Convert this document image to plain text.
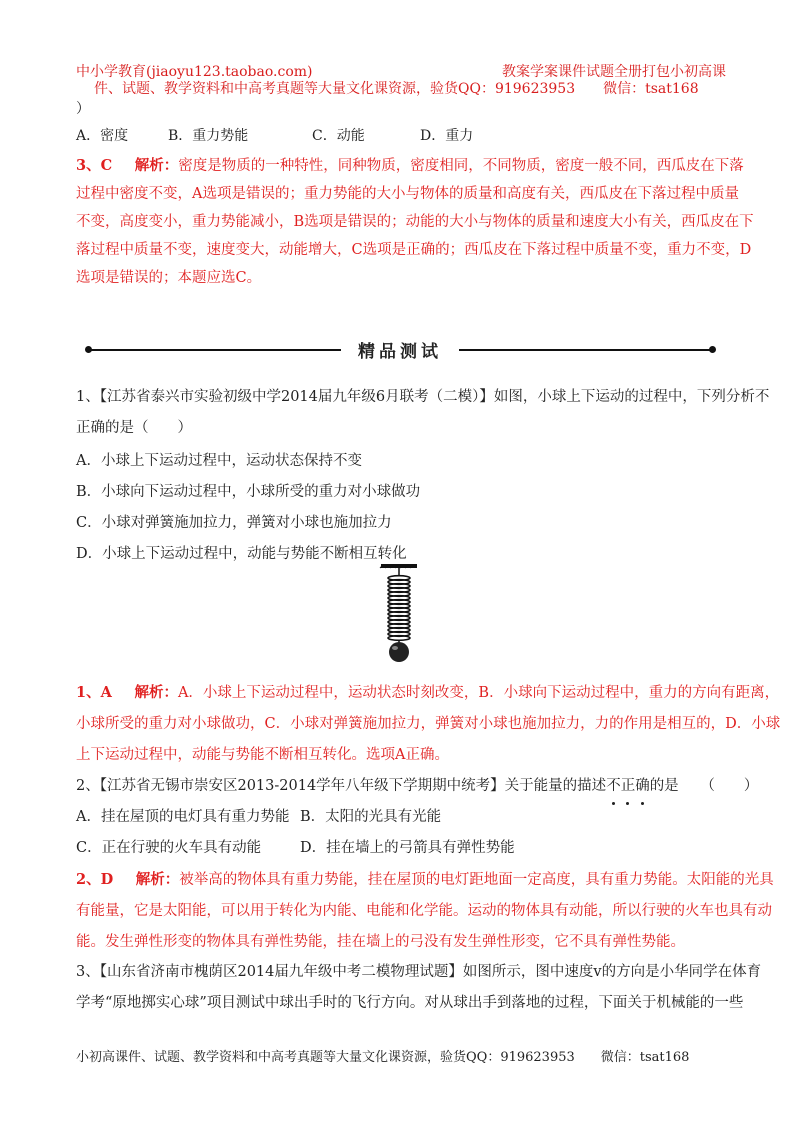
中小学教育(jiaoyu123.taobao.com)	教案学案课件试题全册打包小初高课
件、试题、教学资料和中高考真题等大量文化课资源，验货QQ：919623953　　微信：tsat168
）
A．密度	B．重力势能	C．动能	D．重力
3、C 解析：密度是物质的一种特性，同种物质，密度相同，不同物质，密度一般不同，西瓜皮在下落
过程中密度不变，A选项是错误的；重力势能的大小与物体的质量和高度有关，西瓜皮在下落过程中质量
不变，高度变小，重力势能减小，B选项是错误的；动能的大小与物体的质量和速度大小有关，西瓜皮在下
落过程中质量不变，速度变大，动能增大，C选项是正确的；西瓜皮在下落过程中质量不变，重力不变，D
选项是错误的；本题应选C。
精品测试
1、【江苏省泰兴市实验初级中学2014届九年级6月联考（二模）】如图，小球上下运动的过程中，下列分析不
正确的是（　　）
A．小球上下运动过程中，运动状态保持不变
B．小球向下运动过程中，小球所受的重力对小球做功
C．小球对弹簧施加拉力，弹簧对小球也施加拉力
D．小球上下运动过程中，动能与势能不断相互转化
1、A 解析：A．小球上下运动过程中，运动状态时刻改变，B．小球向下运动过程中，重力的方向有距离，
小球所受的重力对小球做功，C．小球对弹簧施加拉力，弹簧对小球也施加拉力，力的作用是相互的，D．小球
上下运动过程中，动能与势能不断相互转化。选项A正确。
2、【江苏省无锡市崇安区2013-2014学年八年级下学期期中统考】关于能量的描述不正确的是　　（　　）
A．挂在屋顶的电灯具有重力势能 B．太阳的光具有光能
C．正在行驶的火车具有动能	D．挂在墙上的弓箭具有弹性势能
2、D 解析：被举高的物体具有重力势能，挂在屋顶的电灯距地面一定高度，具有重力势能。太阳能的光具
有能量，它是太阳能，可以用于转化为内能、电能和化学能。运动的物体具有动能，所以行驶的火车也具有动
能。发生弹性形变的物体具有弹性势能，挂在墙上的弓没有发生弹性形变，它不具有弹性势能。
3、【山东省济南市槐荫区2014届九年级中考二模物理试题】如图所示，图中速度v的方向是小华同学在体育
学考“原地掷实心球”项目测试中球出手时的飞行方向。对从球出手到落地的过程，下面关于机械能的一些
小初高课件、试题、教学资料和中高考真题等大量文化课资源，验货QQ：919623953　　微信：tsat168
